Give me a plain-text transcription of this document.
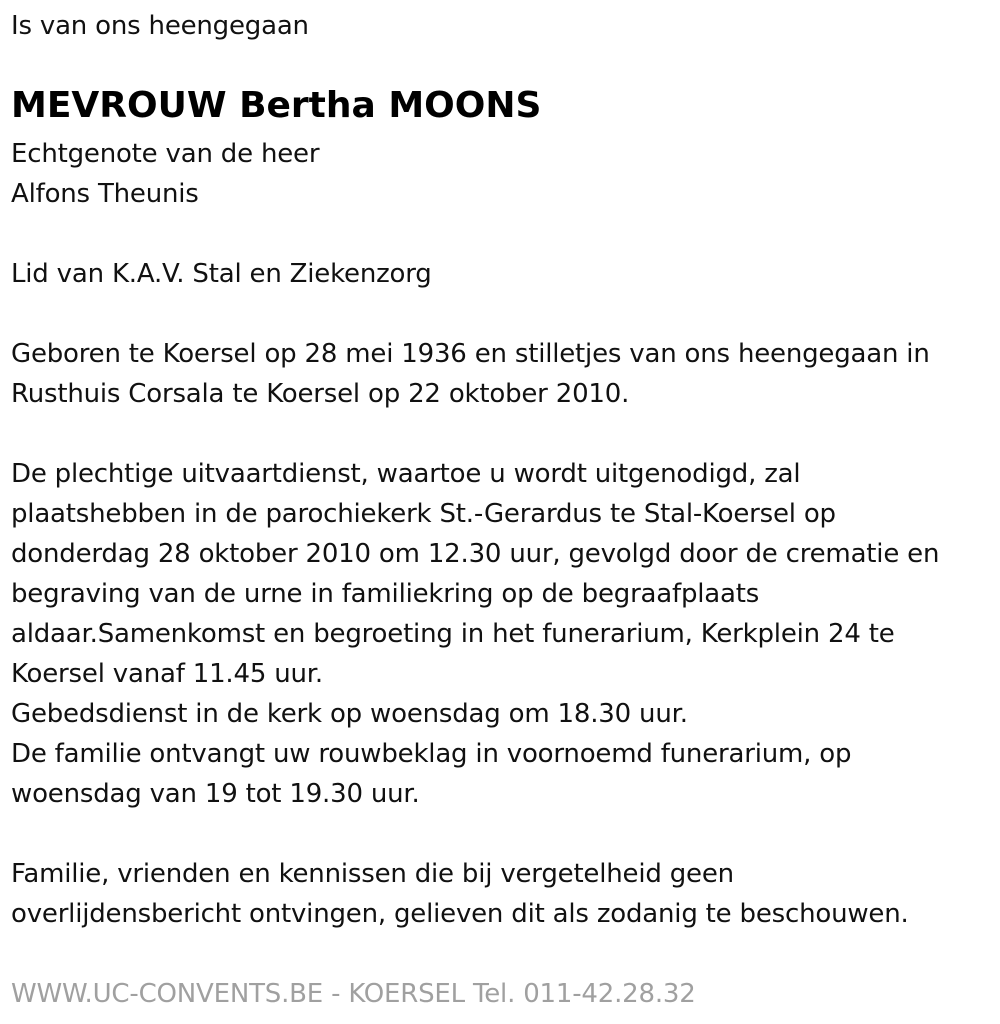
Is van ons heengegaan
MEVROUW Bertha MOONS
Echtgenote van de heer
Alfons Theunis
Lid van K.A.V. Stal en Ziekenzorg
Geboren te Koersel op 28 mei 1936 en stilletjes van ons heengegaan in
Rusthuis Corsala te Koersel op 22 oktober 2010.
De plechtige uitvaartdienst, waartoe u wordt uitgenodigd, zal
plaatshebben in de parochiekerk St.-Gerardus te Stal-Koersel op
donderdag 28 oktober 2010 om 12.30 uur, gevolgd door de crematie en
begraving van de urne in familiekring op de begraafplaats
aldaar.Samenkomst en begroeting in het funerarium, Kerkplein 24 te
Koersel vanaf 11.45 uur.
Gebedsdienst in de kerk op woensdag om 18.30 uur.
De familie ontvangt uw rouwbeklag in voornoemd funerarium, op
woensdag van 19 tot 19.30 uur.
Familie, vrienden en kennissen die bij vergetelheid geen
overlijdensbericht ontvingen, gelieven dit als zodanig te beschouwen.
WWW.UC-CONVENTS.BE - KOERSEL Tel. 011-42.28.32
